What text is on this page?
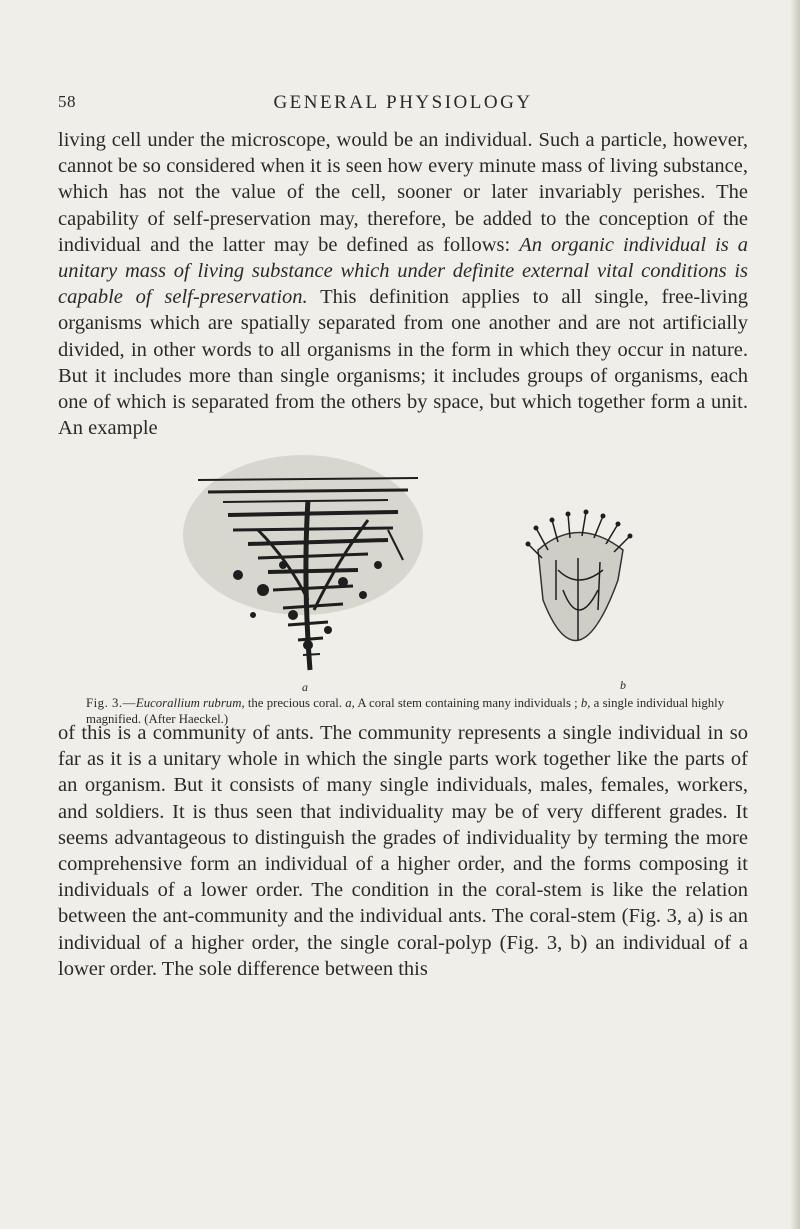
58	GENERAL PHYSIOLOGY

living cell under the microscope, would be an individual. Such a particle, however, cannot be so considered when it is seen how every minute mass of living substance, which has not the value of the cell, sooner or later invariably perishes. The capability of self-preservation may, therefore, be added to the conception of the individual and the latter may be defined as follows: An organic individual is a unitary mass of living substance which under definite external vital conditions is capable of self-preservation. This definition applies to all single, free-living organisms which are spatially separated from one another and are not artificially divided, in other words to all organisms in the form in which they occur in nature. But it includes more than single organisms; it includes groups of organisms, each one of which is separated from the others by space, but which together form a unit. An example

a	b
Fig. 3.—Eucorallium rubrum, the precious coral. a, A coral stem containing many individuals ; b, a single individual highly magnified. (After Haeckel.)

of this is a community of ants. The community represents a single individual in so far as it is a unitary whole in which the single parts work together like the parts of an organism. But it consists of many single individuals, males, females, workers, and soldiers. It is thus seen that individuality may be of very different grades. It seems advantageous to distinguish the grades of individuality by terming the more comprehensive form an individual of a higher order, and the forms composing it individuals of a lower order. The condition in the coral-stem is like the relation between the ant-community and the individual ants. The coral-stem (Fig. 3, a) is an individual of a higher order, the single coral-polyp (Fig. 3, b) an individual of a lower order. The sole difference between this
